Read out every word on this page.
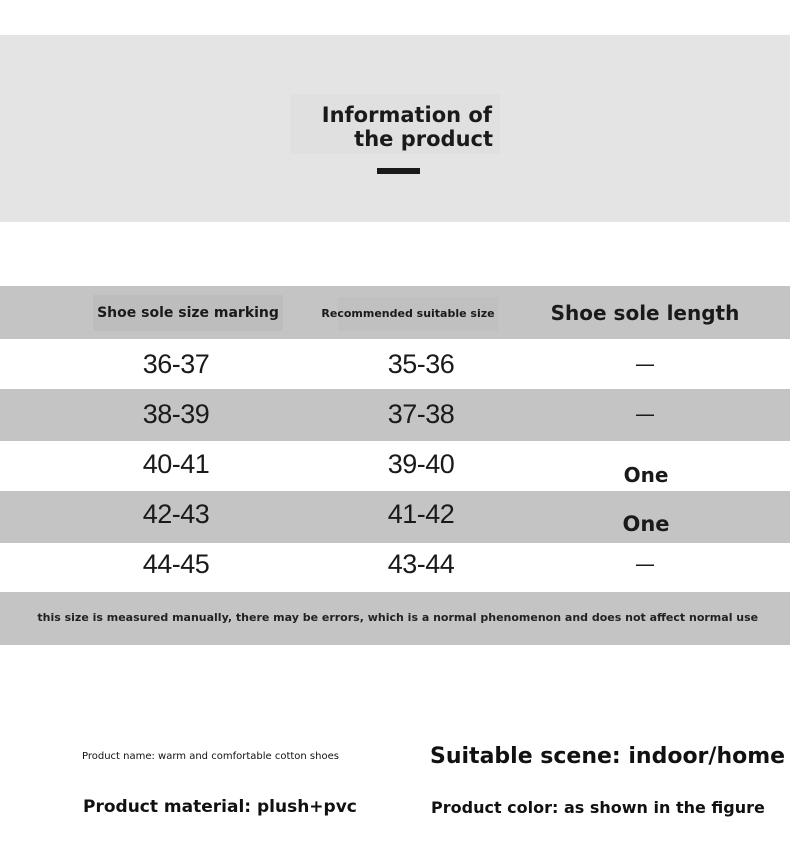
Information of
the product
Shoe sole size marking	Recommended suitable size	Shoe sole length
36-37	35-36	—
38-39	37-38	—
40-41	39-40	One
42-43	41-42	One
44-45	43-44	—
 this size is measured manually, there may be errors, which is a normal phenomenon and does not affect normal use
Product name: warm and comfortable cotton shoes	Suitable scene: indoor/home
Product material: plush+pvc	Product color: as shown in the figure
